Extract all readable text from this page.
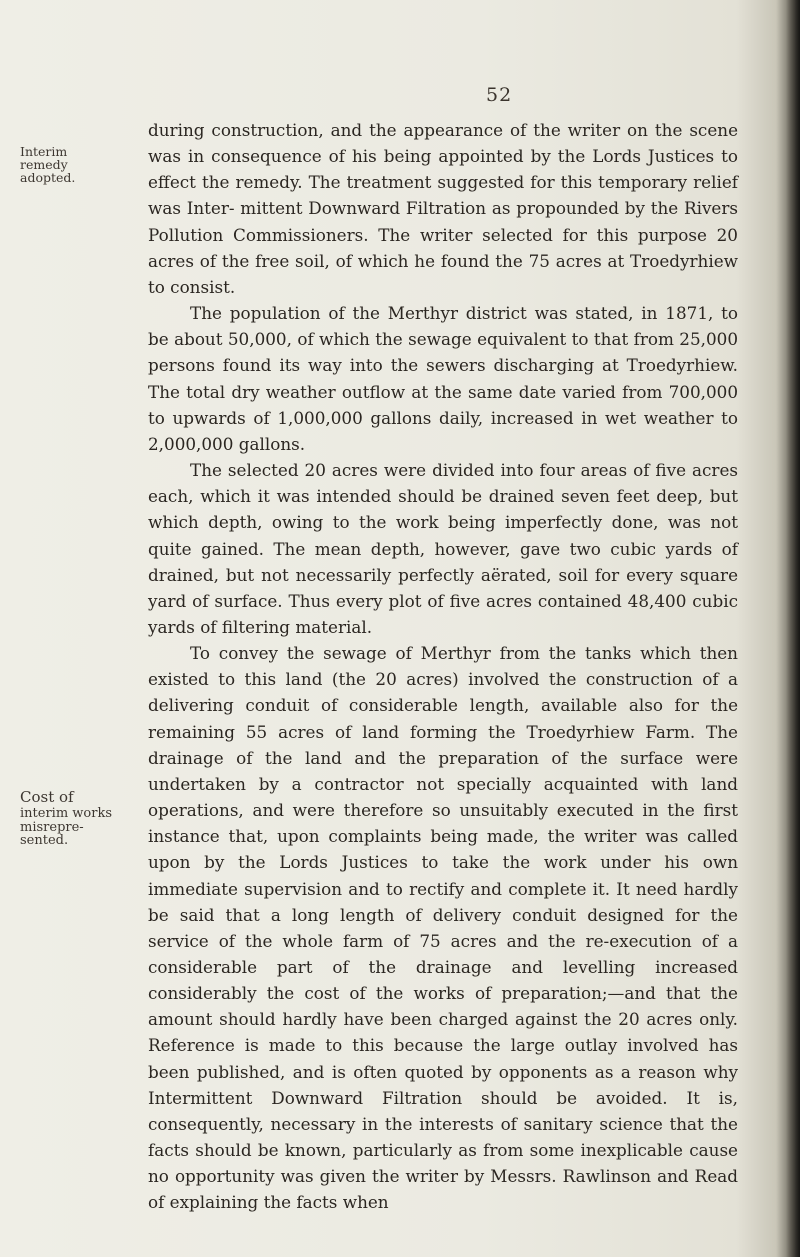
52
Interim
remedy
adopted.
Cost of
interim works
misrepre-
sented.

during construction, and the appearance of the writer on the scene was in consequence of his being appointed by the Lords Justices to effect the remedy. The treatment suggested for this temporary relief was Inter- mittent Downward Filtration as propounded by the Rivers Pollution Commissioners. The writer selected for this purpose 20 acres of the free soil, of which he found the 75 acres at Troedyrhiew to consist.

The population of the Merthyr district was stated, in 1871, to be about 50,000, of which the sewage equivalent to that from 25,000 persons found its way into the sewers discharging at Troedyrhiew. The total dry weather outflow at the same date varied from 700,000 to upwards of 1,000,000 gallons daily, increased in wet weather to 2,000,000 gallons.

The selected 20 acres were divided into four areas of five acres each, which it was intended should be drained seven feet deep, but which depth, owing to the work being imperfectly done, was not quite gained. The mean depth, however, gave two cubic yards of drained, but not necessarily perfectly aërated, soil for every square yard of surface. Thus every plot of five acres contained 48,400 cubic yards of filtering material.

To convey the sewage of Merthyr from the tanks which then existed to this land (the 20 acres) involved the construction of a delivering conduit of considerable length, available also for the remaining 55 acres of land forming the Troedyrhiew Farm. The drainage of the land and the preparation of the surface were undertaken by a contractor not specially acquainted with land operations, and were therefore so unsuitably executed in the first instance that, upon complaints being made, the writer was called upon by the Lords Justices to take the work under his own immediate supervision and to rectify and complete it. It need hardly be said that a long length of delivery conduit designed for the service of the whole farm of 75 acres and the re-execution of a considerable part of the drainage and levelling increased considerably the cost of the works of preparation;—and that the amount should hardly have been charged against the 20 acres only. Reference is made to this because the large outlay involved has been published, and is often quoted by opponents as a reason why Intermittent Downward Filtration should be avoided. It is, consequently, necessary in the interests of sanitary science that the facts should be known, particularly as from some inexplicable cause no opportunity was given the writer by Messrs. Rawlinson and Read of explaining the facts when
